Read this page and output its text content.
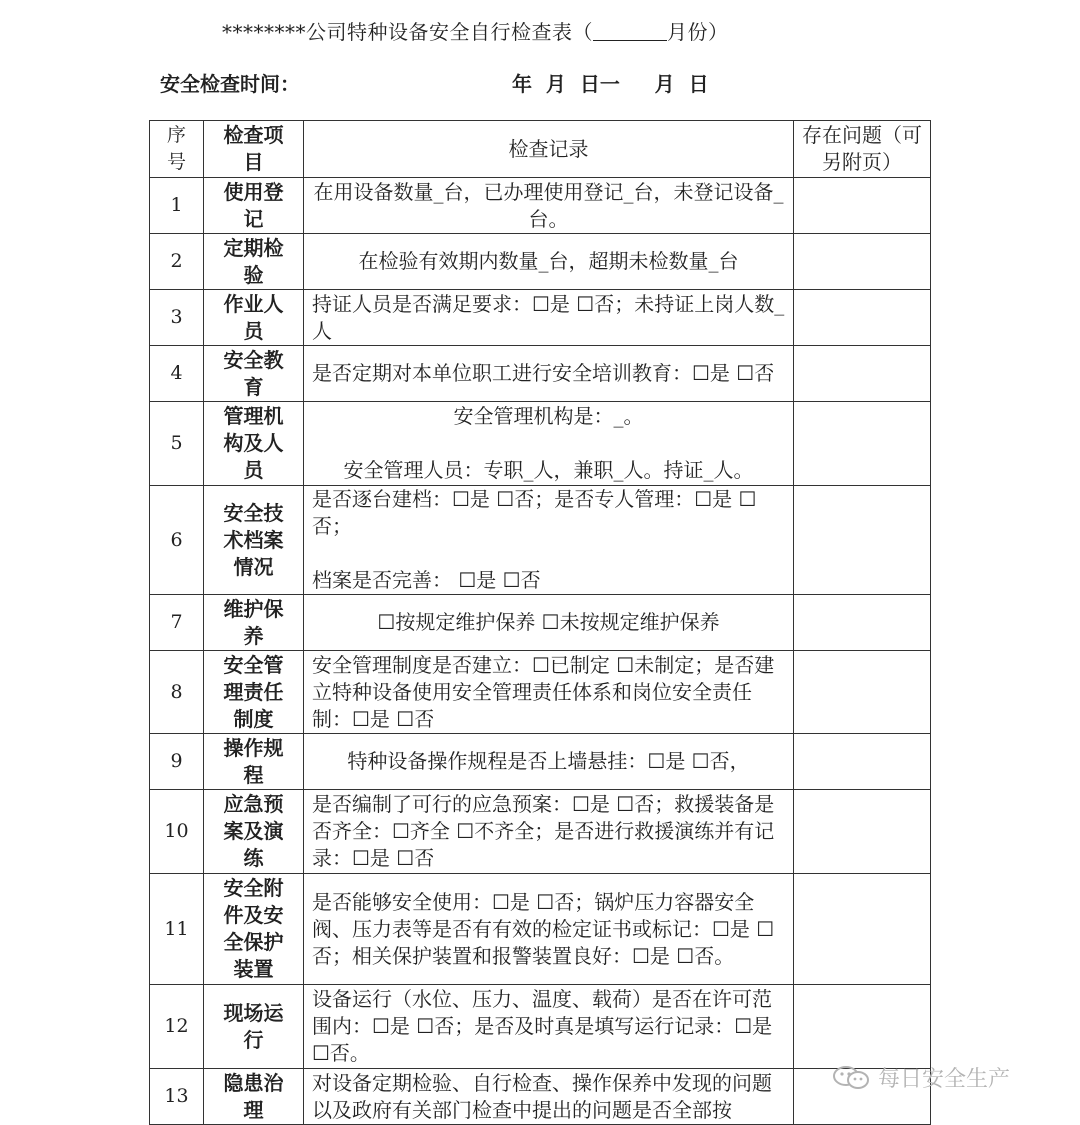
********公司特种设备安全自行检查表（	月份）
安全检查时间：	年  月  日一     月  日
序号	检查项目	检查记录	存在问题（可另附页）
1	使用登记	在用设备数量_台，已办理使用登记_台，未登记设备_台。	

2	定期检验	在检验有效期内数量_台，超期未检数量_台	

3	作业人员	持证人员是否满足要求：☐是 ☐否；未持证上岗人数_人	

4	安全教育	是否定期对本单位职工进行安全培训教育：☐是 ☐否	

5	管理机构及人员	安全管理机构是：_。
安全管理人员：专职_人，兼职_人。持证_人。	

6	安全技术档案情况	是否逐台建档：☐是 ☐否；是否专人管理：☐是 ☐否；
档案是否完善： ☐是 ☐否	

7	维护保养	☐按规定维护保养 ☐未按规定维护保养	

8	安全管理责任制度	安全管理制度是否建立：☐已制定 ☐未制定；是否建立特种设备使用安全管理责任体系和岗位安全责任制：☐是 ☐否	

9	操作规程	特种设备操作规程是否上墙悬挂：☐是 ☐否，	

10	应急预案及演练	是否编制了可行的应急预案：☐是 ☐否；救援装备是否齐全：☐齐全 ☐不齐全；是否进行救援演练并有记录：☐是 ☐否	

11	安全附件及安全保护装置	是否能够安全使用：☐是 ☐否；锅炉压力容器安全阀、压力表等是否有有效的检定证书或标记：☐是 ☐否；相关保护装置和报警装置良好：☐是 ☐否。	

12	现场运行	设备运行（水位、压力、温度、载荷）是否在许可范围内：☐是 ☐否；是否及时真是填写运行记录：☐是 ☐否。	

13	隐患治理	对设备定期检验、自行检查、操作保养中发现的问题以及政府有关部门检查中提出的问题是否全部按	

每日安全生产
